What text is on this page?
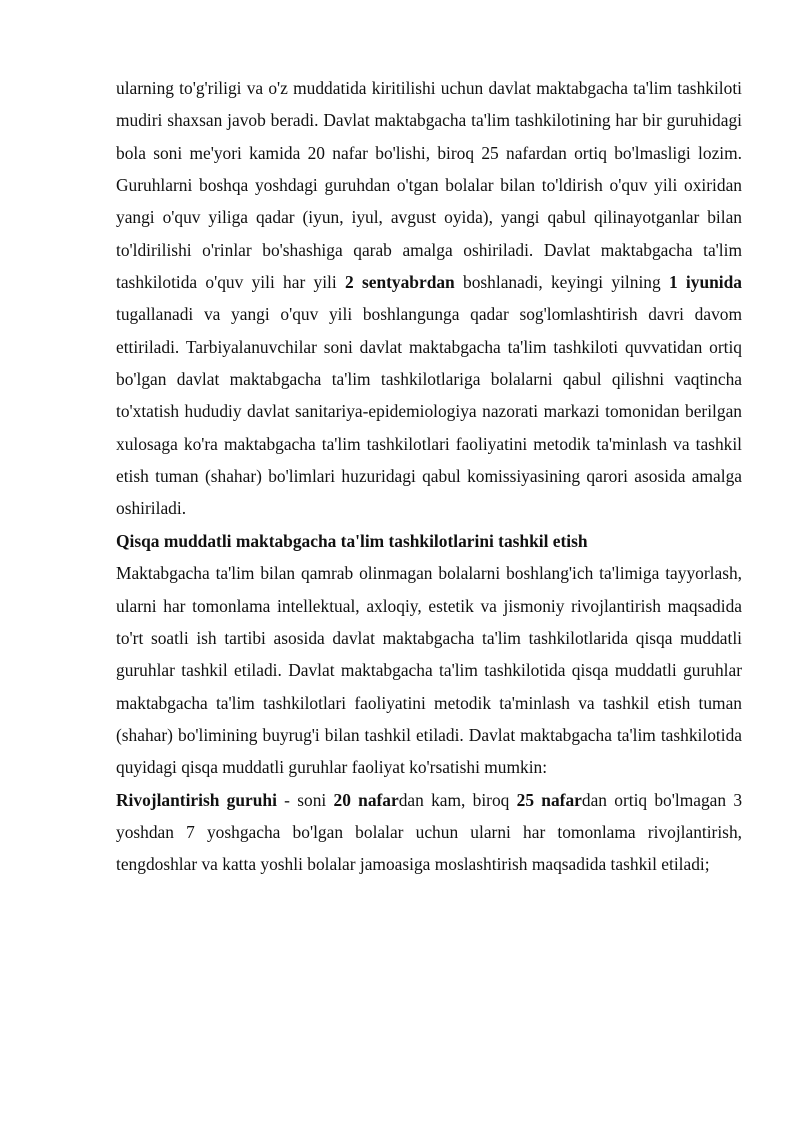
ularning to'g'riligi va o'z muddatida kiritilishi uchun davlat maktabgacha ta'lim tashkiloti mudiri shaxsan javob beradi. Davlat maktabgacha ta'lim tashkilotining har bir guruhidagi bola soni me'yori kamida 20 nafar bo'lishi, biroq 25 nafardan ortiq bo'lmasligi lozim. Guruhlarni boshqa yoshdagi guruhdan o'tgan bolalar bilan to'ldirish o'quv yili oxiridan yangi o'quv yiliga qadar (iyun, iyul, avgust oyida), yangi qabul qilinayotganlar bilan to'ldirilishi o'rinlar bo'shashiga qarab amalga oshiriladi. Davlat maktabgacha ta'lim tashkilotida o'quv yili har yili 2 sentyabrdan boshlanadi, keyingi yilning 1 iyunida tugallanadi va yangi o'quv yili boshlangunga qadar sog'lomlashtirish davri davom ettiriladi. Tarbiyalanuvchilar soni davlat maktabgacha ta'lim tashkiloti quvvatidan ortiq bo'lgan davlat maktabgacha ta'lim tashkilotlariga bolalarni qabul qilishni vaqtincha to'xtatish hududiy davlat sanitariya-epidemiologiya nazorati markazi tomonidan berilgan xulosaga ko'ra maktabgacha ta'lim tashkilotlari faoliyatini metodik ta'minlash va tashkil etish tuman (shahar) bo'limlari huzuridagi qabul komissiyasining qarori asosida amalga oshiriladi.

Qisqa muddatli maktabgacha ta'lim tashkilotlarini tashkil etish

Maktabgacha ta'lim bilan qamrab olinmagan bolalarni boshlang'ich ta'limiga tayyorlash, ularni har tomonlama intellektual, axloqiy, estetik va jismoniy rivojlantirish maqsadida to'rt soatli ish tartibi asosida davlat maktabgacha ta'lim tashkilotlarida qisqa muddatli guruhlar tashkil etiladi. Davlat maktabgacha ta'lim tashkilotida qisqa muddatli guruhlar maktabgacha ta'lim tashkilotlari faoliyatini metodik ta'minlash va tashkil etish tuman (shahar) bo'limining buyrug'i bilan tashkil etiladi. Davlat maktabgacha ta'lim tashkilotida quyidagi qisqa muddatli guruhlar faoliyat ko'rsatishi mumkin:

Rivojlantirish guruhi - soni 20 nafardan kam, biroq 25 nafardan ortiq bo'lmagan 3 yoshdan 7 yoshgacha bo'lgan bolalar uchun ularni har tomonlama rivojlantirish, tengdoshlar va katta yoshli bolalar jamoasiga moslashtirish maqsadida tashkil etiladi;
